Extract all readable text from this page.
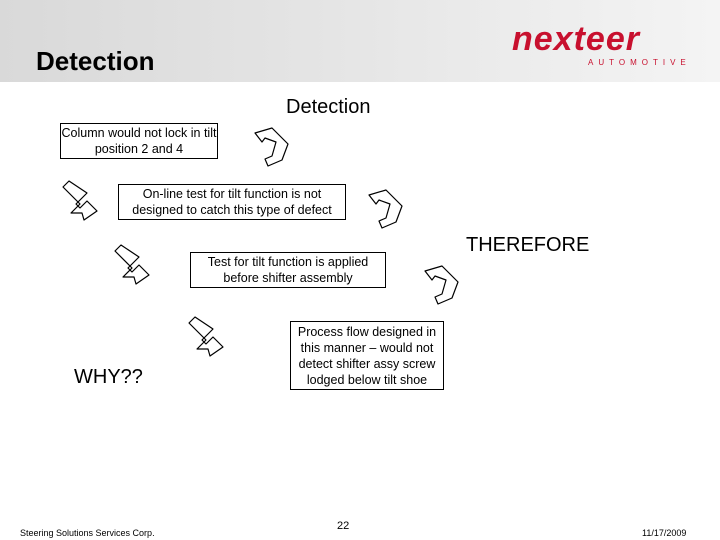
Detection
nexteer
AUTOMOTIVE
Detection
Column would not lock in tilt position 2 and 4
On-line test for tilt function is not designed to catch this type of defect
Test for tilt function is applied before shifter assembly
Process flow designed in this manner – would not detect shifter assy screw lodged below tilt shoe
THEREFORE
WHY??
Steering Solutions Services Corp.
22
11/17/2009
